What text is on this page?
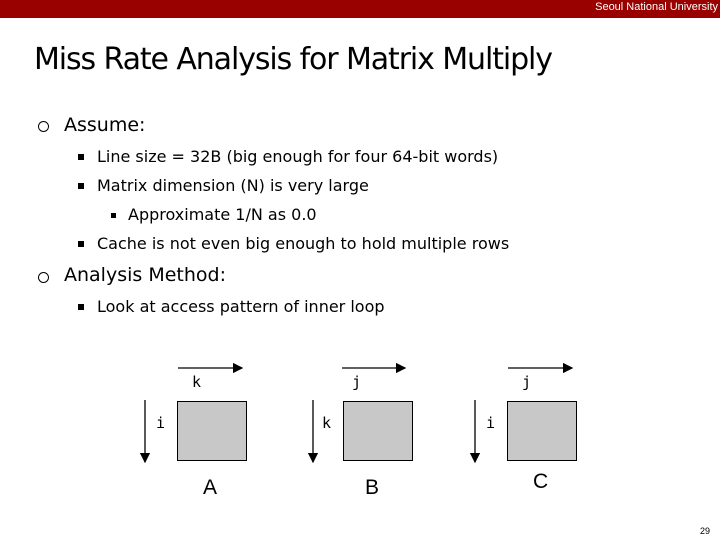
Seoul National University
Miss Rate Analysis for Matrix Multiply
Assume:
Line size = 32B (big enough for four 64-bit words)
Matrix dimension (N) is very large
Approximate 1/N as 0.0
Cache is not even big enough to hold multiple rows
Analysis Method:
Look at access pattern of inner loop
k
i
A
j
k
B
j
i
C
29
